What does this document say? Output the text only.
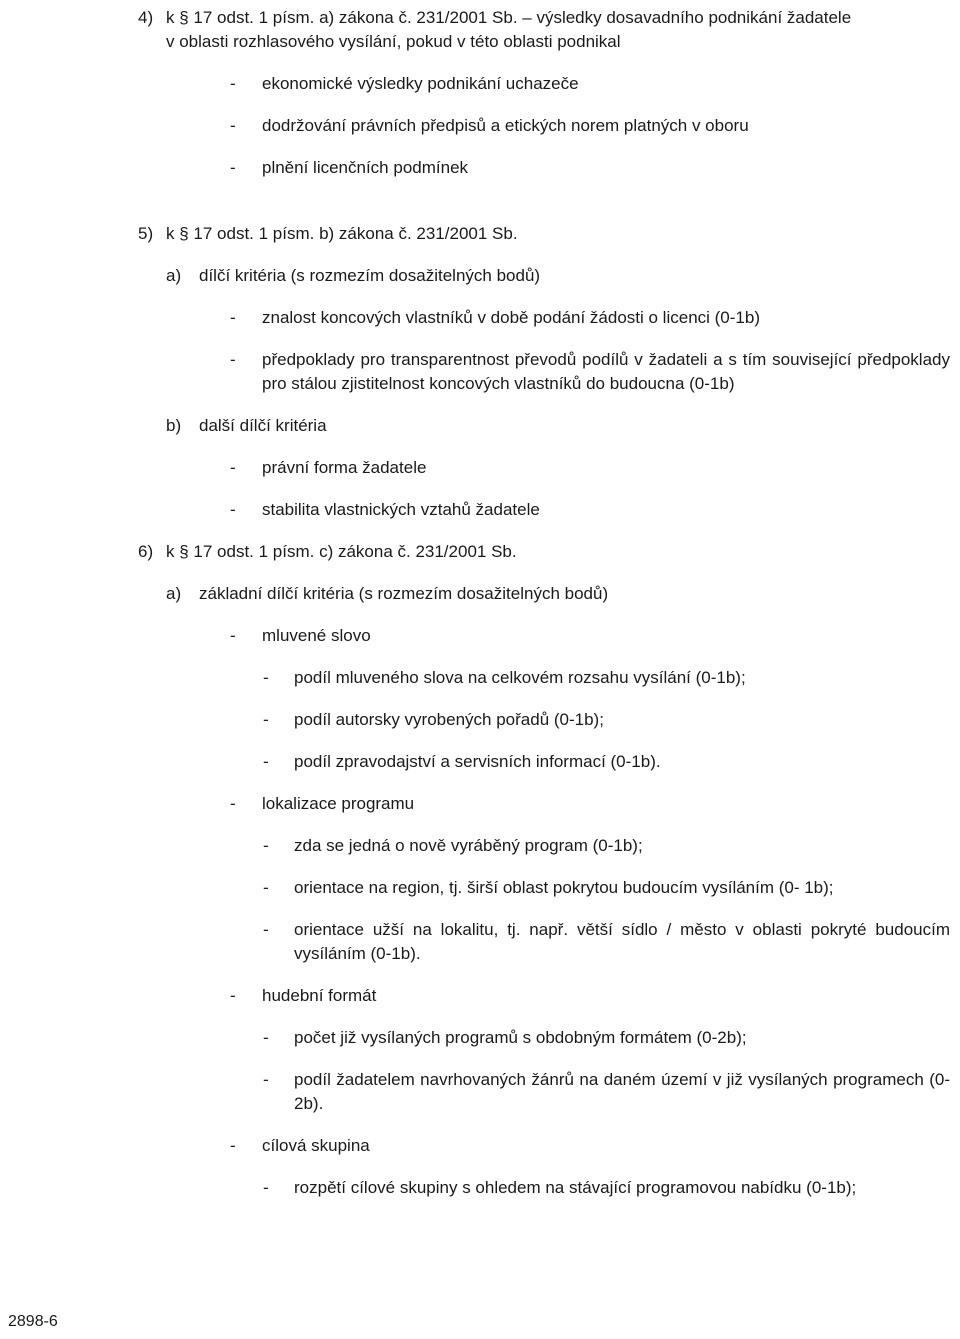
4) k § 17 odst. 1 písm. a) zákona č. 231/2001 Sb. – výsledky dosavadního podnikání žadatele
v oblasti rozhlasového vysílání, pokud v této oblasti podnikal
- ekonomické výsledky podnikání uchazeče
- dodržování právních předpisů a etických norem platných v oboru
- plnění licenčních podmínek
5) k § 17 odst. 1 písm. b) zákona č. 231/2001 Sb.
a) dílčí kritéria (s rozmezím dosažitelných bodů)
- znalost koncových vlastníků v době podání žádosti o licenci (0-1b)
- předpoklady pro transparentnost převodů podílů v žadateli a s tím související předpoklady pro stálou zjistitelnost koncových vlastníků do budoucna (0-1b)
b) další dílčí kritéria
- právní forma žadatele
- stabilita vlastnických vztahů žadatele
6) k § 17 odst. 1 písm. c) zákona č. 231/2001 Sb.
a) základní dílčí kritéria (s rozmezím dosažitelných bodů)
- mluvené slovo
- podíl mluveného slova na celkovém rozsahu vysílání (0-1b);
- podíl autorsky vyrobených pořadů (0-1b);
- podíl zpravodajství a servisních informací (0-1b).
- lokalizace programu
- zda se jedná o nově vyráběný program (0-1b);
- orientace na region, tj. širší oblast pokrytou budoucím vysíláním (0- 1b);
- orientace užší na lokalitu, tj. např. větší sídlo / město v oblasti pokryté budoucím vysíláním (0-1b).
- hudební formát
- počet již vysílaných programů s obdobným formátem (0-2b);
- podíl žadatelem navrhovaných žánrů na daném území v již vysílaných programech (0-2b).
- cílová skupina
- rozpětí cílové skupiny s ohledem na stávající programovou nabídku (0-1b);
2898-6
